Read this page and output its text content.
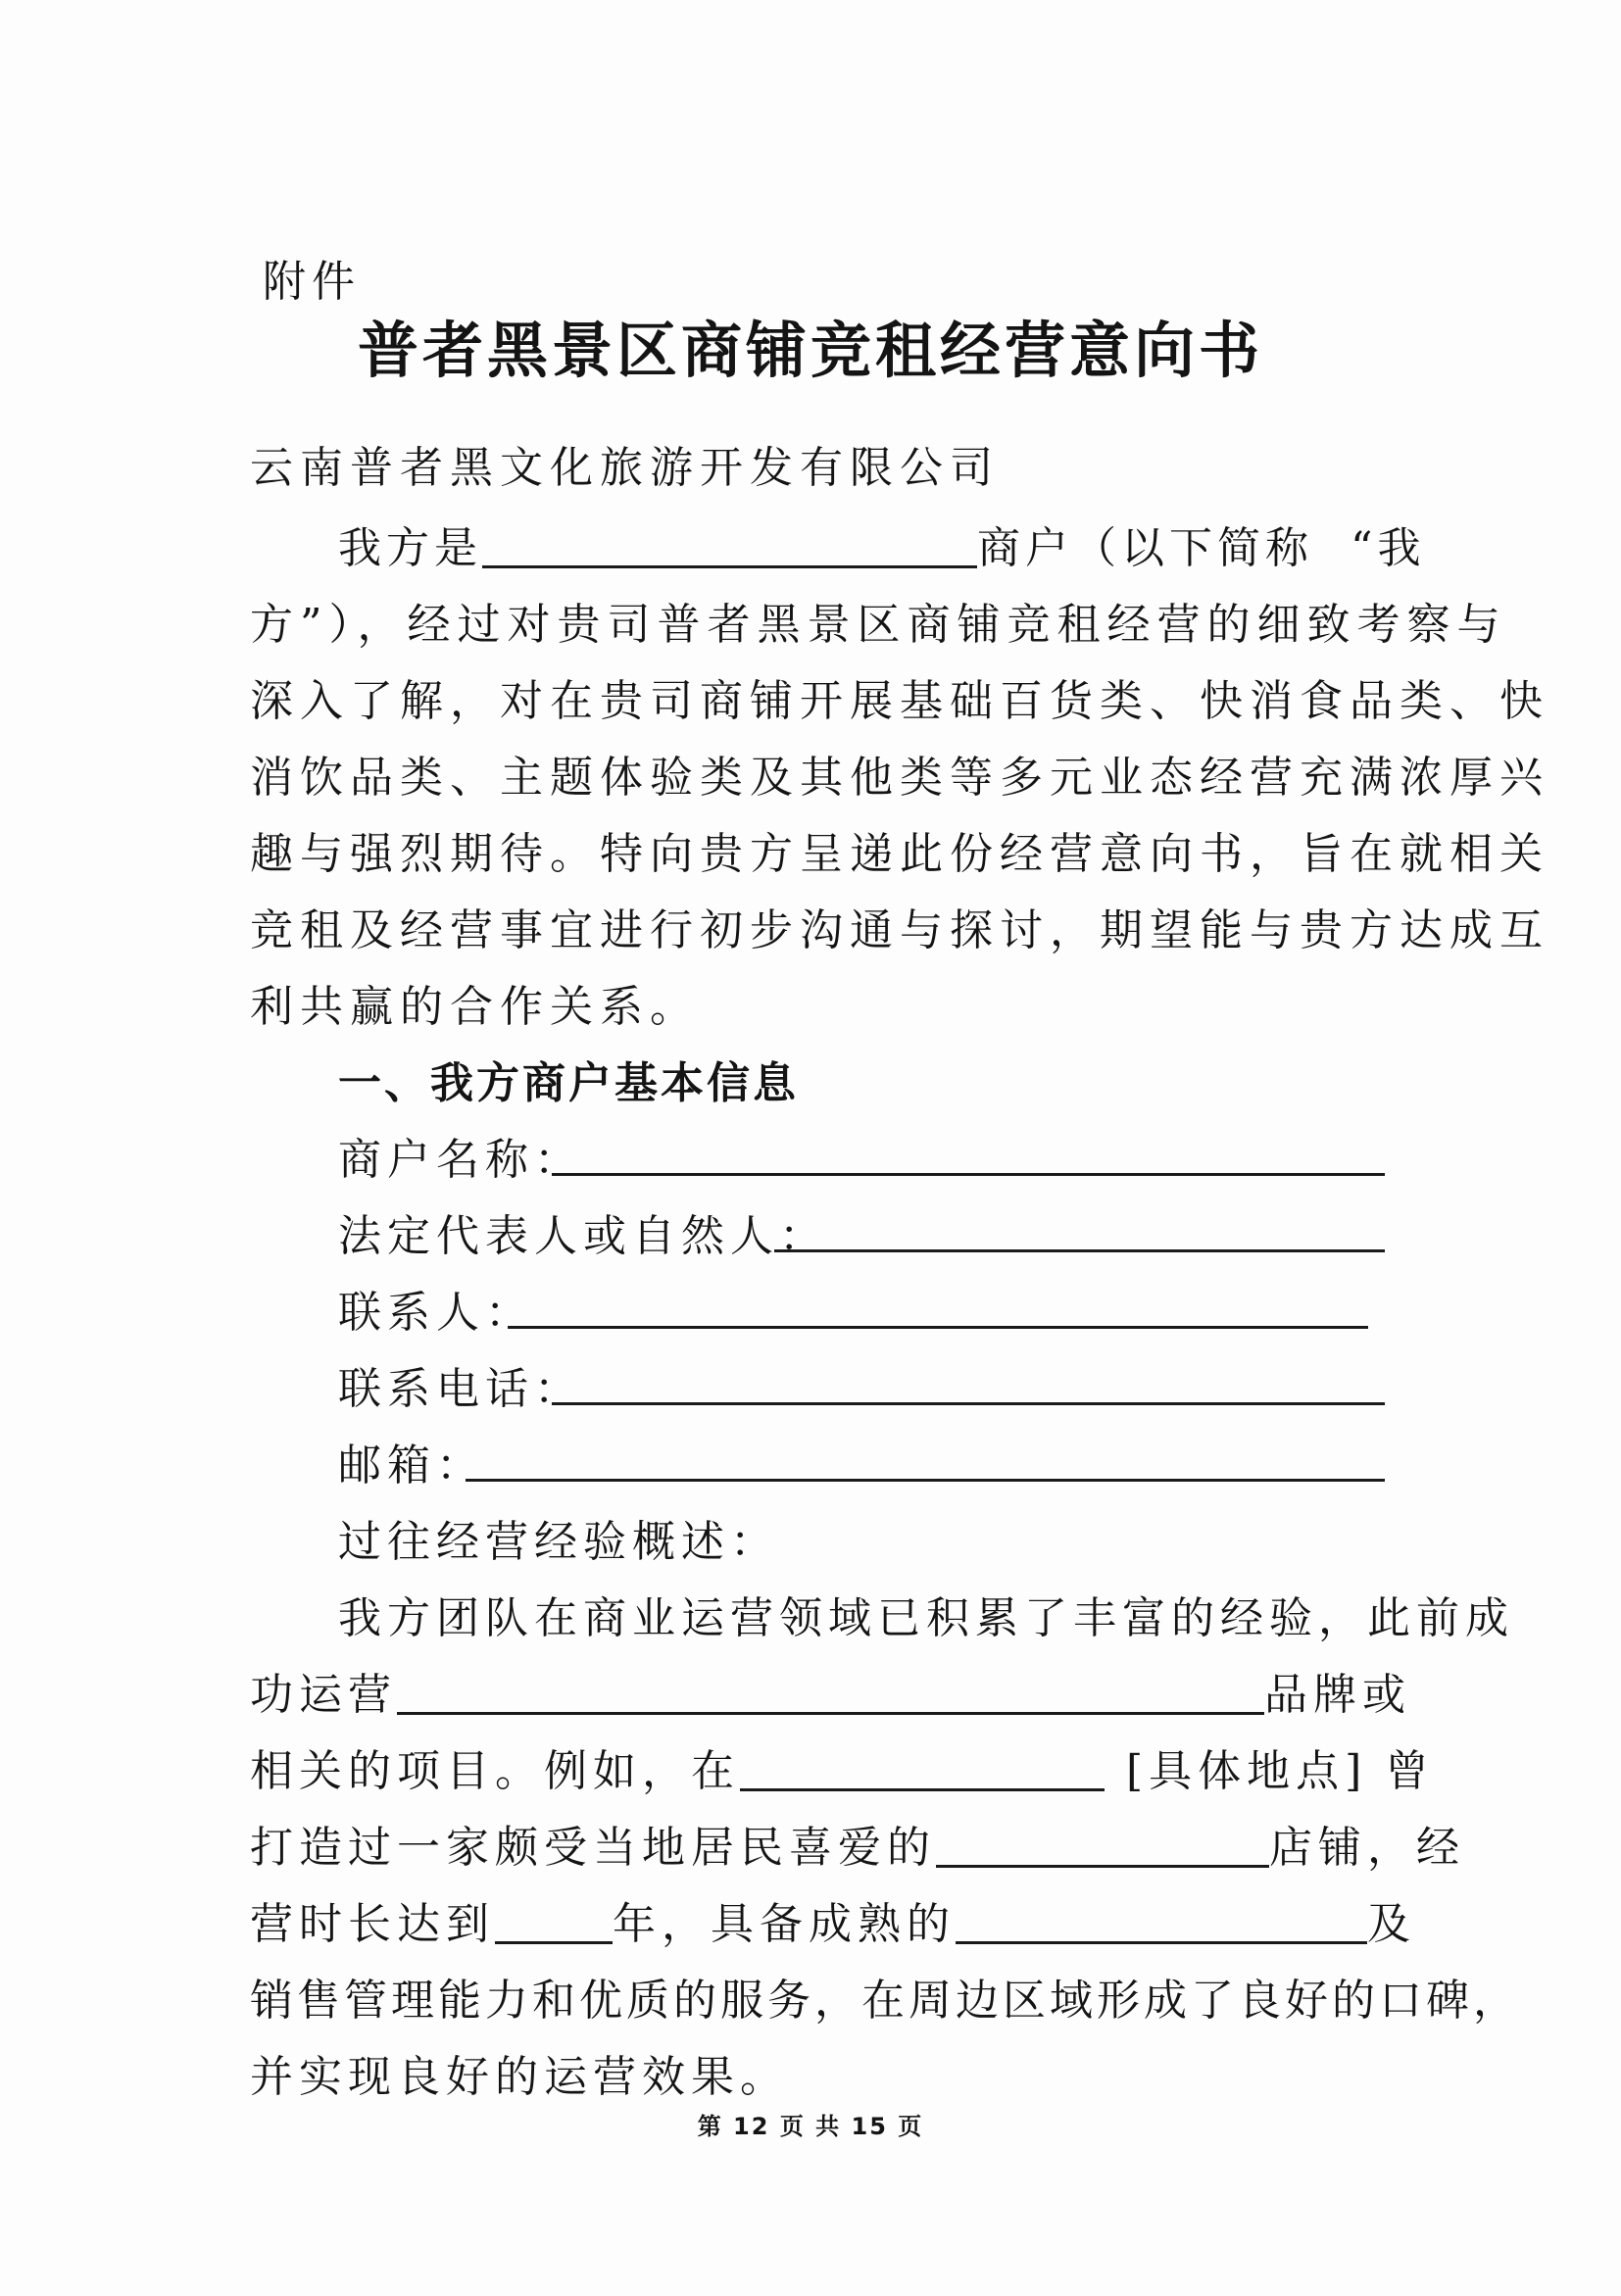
附件
普者黑景区商铺竞租经营意向书
云南普者黑文化旅游开发有限公司
我方是	商户（以下简称 “我
方”），经过对贵司普者黑景区商铺竞租经营的细致考察与
深入了解，对在贵司商铺开展基础百货类、快消食品类、快
消饮品类、主题体验类及其他类等多元业态经营充满浓厚兴
趣与强烈期待。特向贵方呈递此份经营意向书，旨在就相关
竞租及经营事宜进行初步沟通与探讨，期望能与贵方达成互
利共赢的合作关系。
一、我方商户基本信息
商户名称：
法定代表人或自然人：
联系人：
联系电话：
邮箱：
过往经营经验概述：
我方团队在商业运营领域已积累了丰富的经验，此前成
功运营	品牌或
相关的项目。例如，在	[具体地点] 曾
打造过一家颇受当地居民喜爱的	店铺，经
营时长达到	年，具备成熟的	及
销售管理能力和优质的服务，在周边区域形成了良好的口碑，
并实现良好的运营效果。
第 12 页 共 15 页
